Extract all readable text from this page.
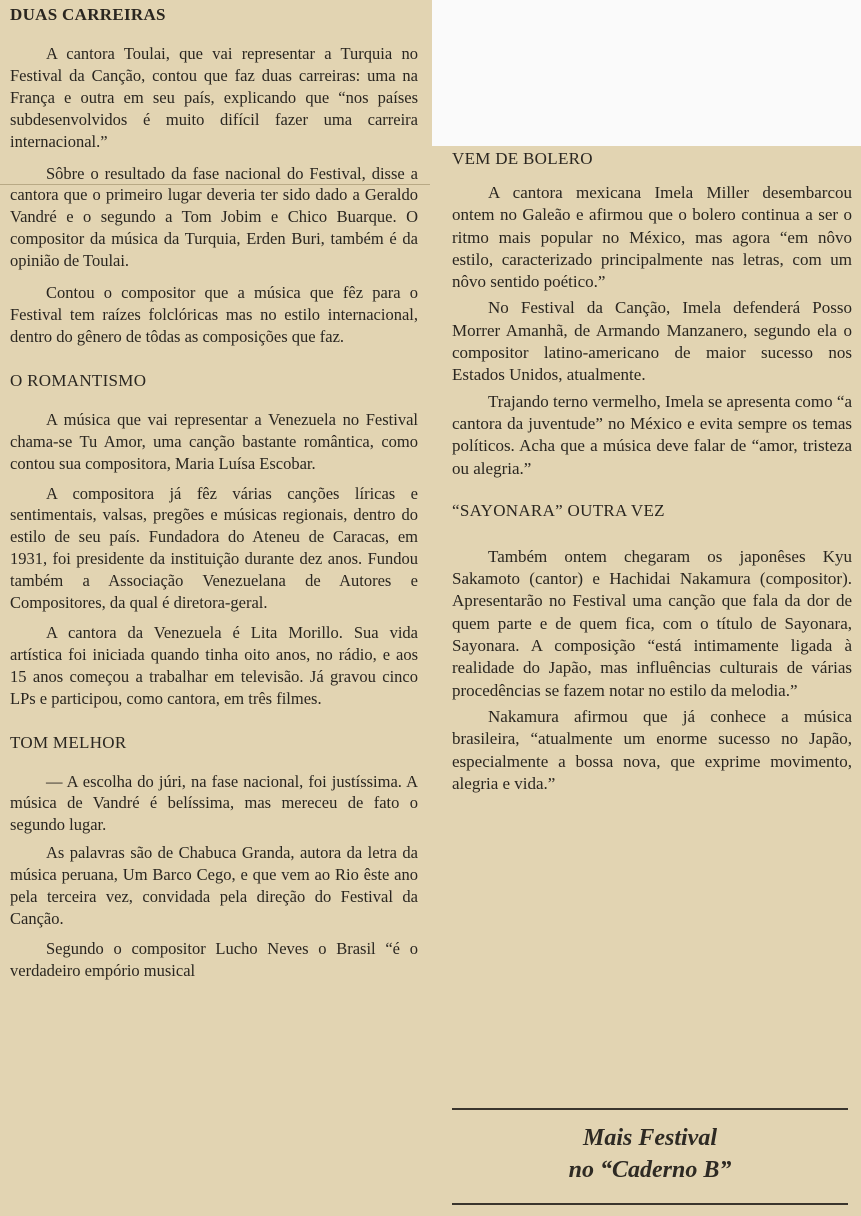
DUAS CARREIRAS

A cantora Toulai, que vai representar a Turquia no Festival da Canção, contou que faz duas carreiras: uma na França e outra em seu país, explicando que “nos países subdesenvolvidos é muito difícil fazer uma carreira internacional.”

Sôbre o resultado da fase nacional do Festival, disse a cantora que o primeiro lugar deveria ter sido dado a Geraldo Vandré e o segundo a Tom Jobim e Chico Buarque. O compositor da música da Turquia, Erden Buri, também é da opinião de Toulai.

Contou o compositor que a música que fêz para o Festival tem raízes folclóricas mas no estilo internacional, dentro do gênero de tôdas as composições que faz.

O ROMANTISMO

A música que vai representar a Venezuela no Festival chama-se Tu Amor, uma canção bastante romântica, como contou sua compositora, Maria Luísa Escobar.

A compositora já fêz várias canções líricas e sentimentais, valsas, pregões e músicas regionais, dentro do estilo de seu país. Fundadora do Ateneu de Caracas, em 1931, foi presidente da instituição durante dez anos. Fundou também a Associação Venezuelana de Autores e Compositores, da qual é diretora-geral.

A cantora da Venezuela é Lita Morillo. Sua vida artística foi iniciada quando tinha oito anos, no rádio, e aos 15 anos começou a trabalhar em televisão. Já gravou cinco LPs e participou, como cantora, em três filmes.

TOM MELHOR

— A escolha do júri, na fase nacional, foi justíssima. A música de Vandré é belíssima, mas mereceu de fato o segundo lugar.

As palavras são de Chabuca Granda, autora da letra da música peruana, Um Barco Cego, e que vem ao Rio êste ano pela terceira vez, convidada pela direção do Festival da Canção.

Segundo o compositor Lucho Neves o Brasil “é o verdadeiro empório musical

VEM DE BOLERO

A cantora mexicana Imela Miller desembarcou ontem no Galeão e afirmou que o bolero continua a ser o ritmo mais popular no México, mas agora “em nôvo estilo, caracterizado principalmente nas letras, com um nôvo sentido poético.”

No Festival da Canção, Imela defenderá Posso Morrer Amanhã, de Armando Manzanero, segundo ela o compositor latino-americano de maior sucesso nos Estados Unidos, atualmente.

Trajando terno vermelho, Imela se apresenta como “a cantora da juventude” no México e evita sempre os temas políticos. Acha que a música deve falar de “amor, tristeza ou alegria.”

“SAYONARA” OUTRA VEZ

Também ontem chegaram os japonêses Kyu Sakamoto (cantor) e Hachidai Nakamura (compositor). Apresentarão no Festival uma canção que fala da dor de quem parte e de quem fica, com o título de Sayonara, Sayonara. A composição “está intimamente ligada à realidade do Japão, mas influências culturais de várias procedências se fazem notar no estilo da melodia.”

Nakamura afirmou que já conhece a música brasileira, “atualmente um enorme sucesso no Japão, especialmente a bossa nova, que exprime movimento, alegria e vida.”

Mais Festival
no “Caderno B”
